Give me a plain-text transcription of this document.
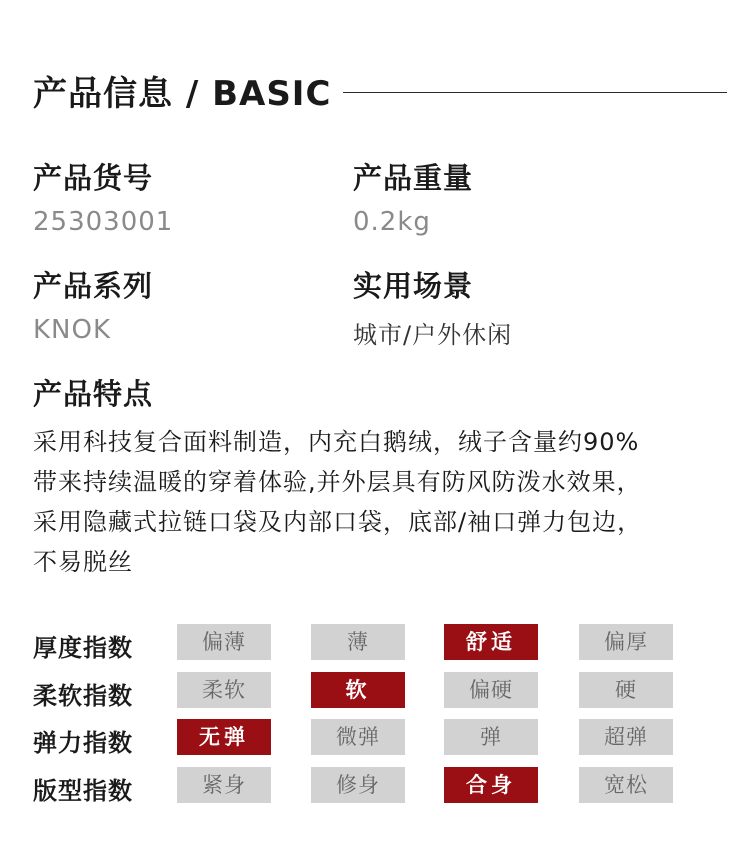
产品信息 / BASIC
产品货号
25303001
产品重量
0.2kg
产品系列
KNOK
实用场景
城市/户外休闲
产品特点
采用科技复合面料制造，内充白鹅绒，绒子含量约90%
带来持续温暖的穿着体验,并外层具有防风防泼水效果，
采用隐藏式拉链口袋及内部口袋，底部/袖口弹力包边，
不易脱丝
厚度指数	偏薄	薄	舒适	偏厚
柔软指数	柔软	软	偏硬	硬
弹力指数	无弹	微弹	弹	超弹
版型指数	紧身	修身	合身	宽松
